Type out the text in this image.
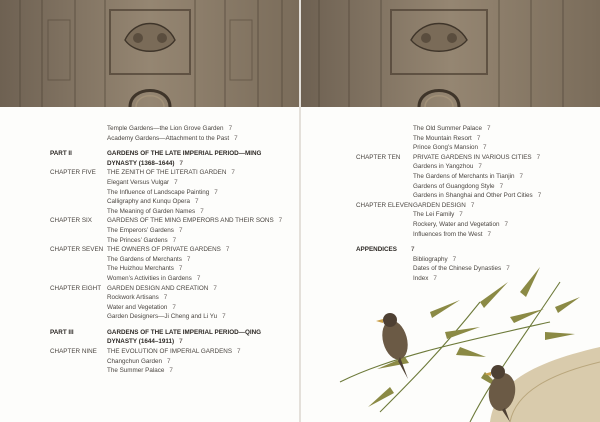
Temple Gardens—the Lion Grove Garden 7
Academy Gardens—Attachment to the Past 7
PART II	GARDENS OF THE LATE IMPERIAL PERIOD—MING
DYNASTY (1368–1644) 7
CHAPTER FIVE THE ZENITH OF THE LITERATI GARDEN 7
Elegant Versus Vulgar 7
The Influence of Landscape Painting 7
Calligraphy and Kunqu Opera 7
The Meaning of Garden Names 7
CHAPTER SIX GARDENS OF THE MING EMPERORS AND THEIR SONS 7
The Emperors’ Gardens 7
The Princes’ Gardens 7
CHAPTER SEVEN THE OWNERS OF PRIVATE GARDENS 7
The Gardens of Merchants 7
The Huizhou Merchants 7
Women’s Activities in Gardens 7
CHAPTER EIGHT GARDEN DESIGN AND CREATION 7
Rockwork Artisans 7
Water and Vegetation 7
Garden Designers—Ji Cheng and Li Yu 7
PART III	GARDENS OF THE LATE IMPERIAL PERIOD—QING
DYNASTY (1644–1911) 7
CHAPTER NINE THE EVOLUTION OF IMPERIAL GARDENS 7
Changchun Garden 7
The Summer Palace 7
The Old Summer Palace 7
The Mountain Resort 7
Prince Gong’s Mansion 7
CHAPTER TEN PRIVATE GARDENS IN VARIOUS CITIES 7
Gardens in Yangzhou 7
The Gardens of Merchants in Tianjin 7
Gardens of Guangdong Style 7
Gardens in Shanghai and Other Port Cities 7
CHAPTER ELEVEN GARDEN DESIGN 7
The Lei Family 7
Rockery, Water and Vegetation 7
Influences from the West 7
APPENDICES	7
Bibliography 7
Dates of the Chinese Dynasties 7
Index 7
